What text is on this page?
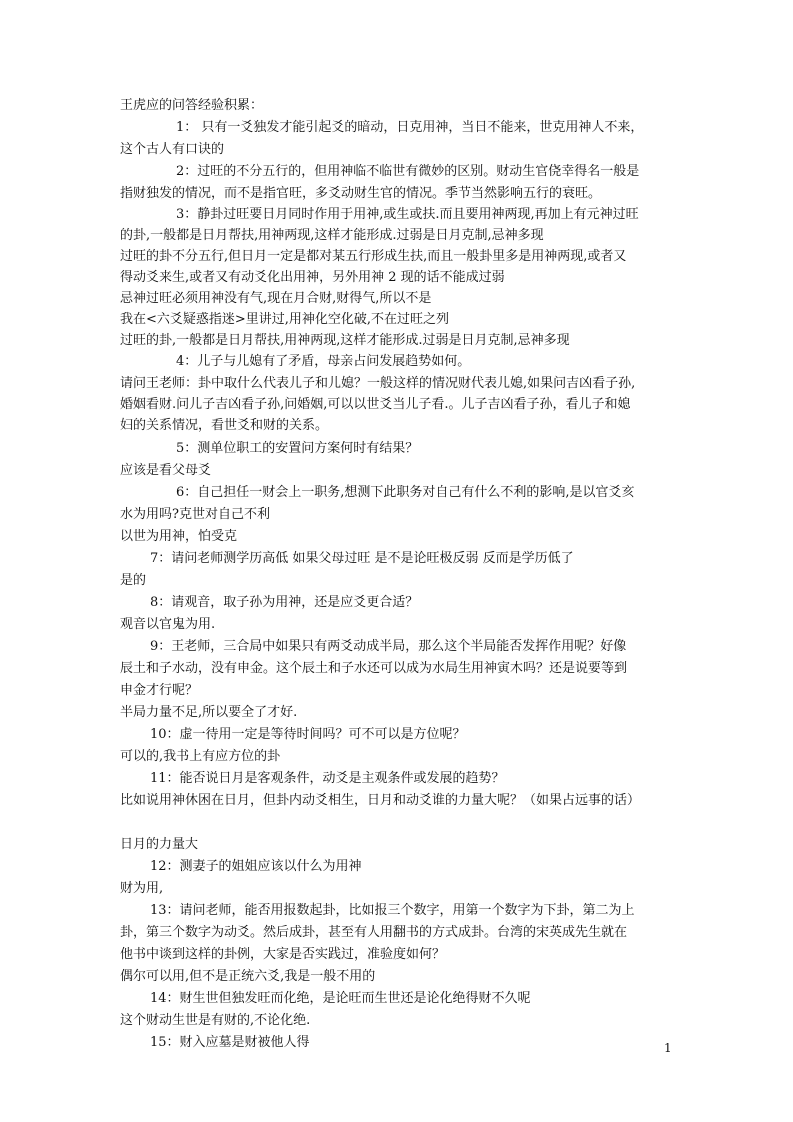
王虎应的问答经验积累：

1： 只有一爻独发才能引起爻的暗动，日克用神，当日不能来，世克用神人不来，

这个古人有口诀的

2：过旺的不分五行的，但用神临不临世有微妙的区别。财动生官侥幸得名一般是

指财独发的情况，而不是指官旺，多爻动财生官的情况。季节当然影响五行的衰旺。

3：静卦过旺要日月同时作用于用神,或生或扶.而且要用神两现,再加上有元神过旺

的卦,一般都是日月帮扶,用神两现,这样才能形成.过弱是日月克制,忌神多现

过旺的卦不分五行,但日月一定是都对某五行形成生扶,而且一般卦里多是用神两现,或者又

得动爻来生,或者又有动爻化出用神，另外用神 2 现的话不能成过弱

忌神过旺必须用神没有气,现在月合财,财得气,所以不是

我在<六爻疑惑指迷>里讲过,用神化空化破,不在过旺之列

过旺的卦,一般都是日月帮扶,用神两现,这样才能形成.过弱是日月克制,忌神多现

4：儿子与儿媳有了矛盾，母亲占问发展趋势如何。

请问王老师：卦中取什么代表儿子和儿媳？一般这样的情况财代表儿媳,如果问吉凶看子孙,

婚姻看财.问儿子吉凶看子孙,问婚姻,可以以世爻当儿子看.。儿子吉凶看子孙，看儿子和媳

妇的关系情况，看世爻和财的关系。

5：测单位职工的安置问方案何时有结果？

应该是看父母爻

6：自己担任一财会上一职务,想测下此职务对自己有什么不利的影响,是以官爻亥

水为用吗?克世对自己不利

以世为用神，怕受克

7：请问老师测学历高低 如果父母过旺 是不是论旺极反弱 反而是学历低了

是的

8：请观音，取子孙为用神，还是应爻更合适？

观音以官鬼为用.

9：王老师，三合局中如果只有两爻动成半局，那么这个半局能否发挥作用呢？好像

辰土和子水动，没有申金。这个辰土和子水还可以成为水局生用神寅木吗？还是说要等到

申金才行呢？

半局力量不足,所以要全了才好.

10：虚一待用一定是等待时间吗？可不可以是方位呢？

可以的,我书上有应方位的卦

11：能否说日月是客观条件，动爻是主观条件或发展的趋势？

比如说用神休困在日月，但卦内动爻相生，日月和动爻谁的力量大呢？（如果占远事的话）

日月的力量大

12：测妻子的姐姐应该以什么为用神

财为用,

13：请问老师，能否用报数起卦，比如报三个数字，用第一个数字为下卦，第二为上

卦，第三个数字为动爻。然后成卦，甚至有人用翻书的方式成卦。台湾的宋英成先生就在

他书中谈到这样的卦例，大家是否实践过，准验度如何？

偶尔可以用,但不是正统六爻,我是一般不用的

14：财生世但独发旺而化绝，是论旺而生世还是论化绝得财不久呢

这个财动生世是有财的,不论化绝.

15：财入应墓是财被他人得	1
